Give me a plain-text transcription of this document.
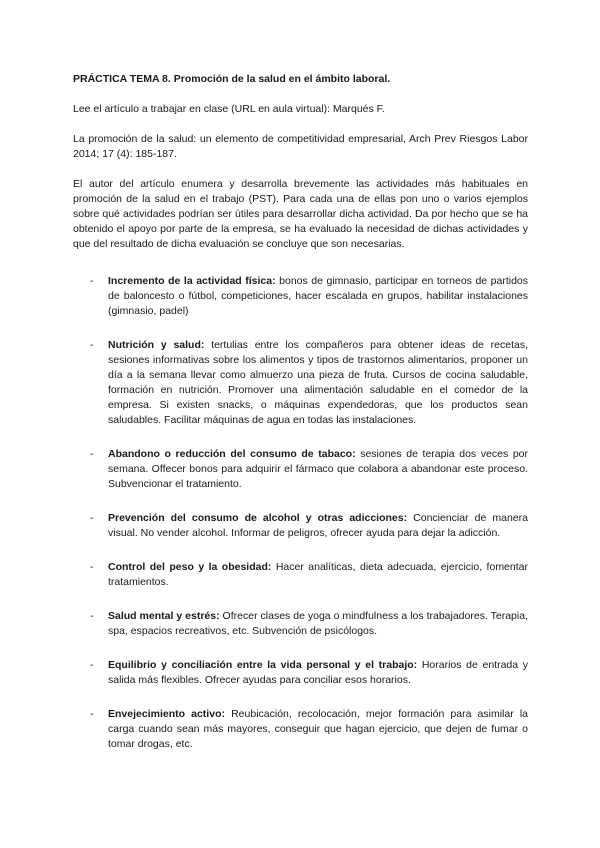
PRÁCTICA TEMA 8. Promoción de la salud en el ámbito laboral.

Lee el artículo a trabajar en clase (URL en aula virtual): Marqués F.

La promoción de la salud: un elemento de competitividad empresarial, Arch Prev Riesgos Labor 2014; 17 (4): 185-187.

El autor del artículo enumera y desarrolla brevemente las actividades más habituales en promoción de la salud en el trabajo (PST). Para cada una de ellas pon uno o varios ejemplos sobre qué actividades podrían ser útiles para desarrollar dicha actividad. Da por hecho que se ha obtenido el apoyo por parte de la empresa, se ha evaluado la necesidad de dichas actividades y que del resultado de dicha evaluación se concluye que son necesarias.

- Incremento de la actividad física: bonos de gimnasio, participar en torneos de partidos de baloncesto o fútbol, competiciones, hacer escalada en grupos, habilitar instalaciones (gimnasio, padel)
- Nutrición y salud: tertulias entre los compañeros para obtener ideas de recetas, sesiones informativas sobre los alimentos y tipos de trastornos alimentarios, proponer un día a la semana llevar como almuerzo una pieza de fruta. Cursos de cocina saludable, formación en nutrición. Promover una alimentación saludable en el comedor de la empresa. Si existen snacks, o máquinas expendedoras, que los productos sean saludables. Facilitar máquinas de agua en todas las instalaciones.
- Abandono o reducción del consumo de tabaco: sesiones de terapia dos veces por semana. Offecer bonos para adquirir el fármaco que colabora a abandonar este proceso. Subvencionar el tratamiento.
- Prevención del consumo de alcohol y otras adicciones: Concienciar de manera visual. No vender alcohol. Informar de peligros, ofrecer ayuda para dejar la adicción.
- Control del peso y la obesidad: Hacer analíticas, dieta adecuada, ejercicio, fomentar tratamientos.
- Salud mental y estrés: Ofrecer clases de yoga o mindfulness a los trabajadores. Terapia, spa, espacios recreativos, etc. Subvención de psicólogos.
- Equilibrio y conciliación entre la vida personal y el trabajo: Horarios de entrada y salida más flexibles. Ofrecer ayudas para conciliar esos horarios.
- Envejecimiento activo: Reubicación, recolocación, mejor formación para asimilar la carga cuando sean más mayores, conseguir que hagan ejercicio, que dejen de fumar o tomar drogas, etc.
